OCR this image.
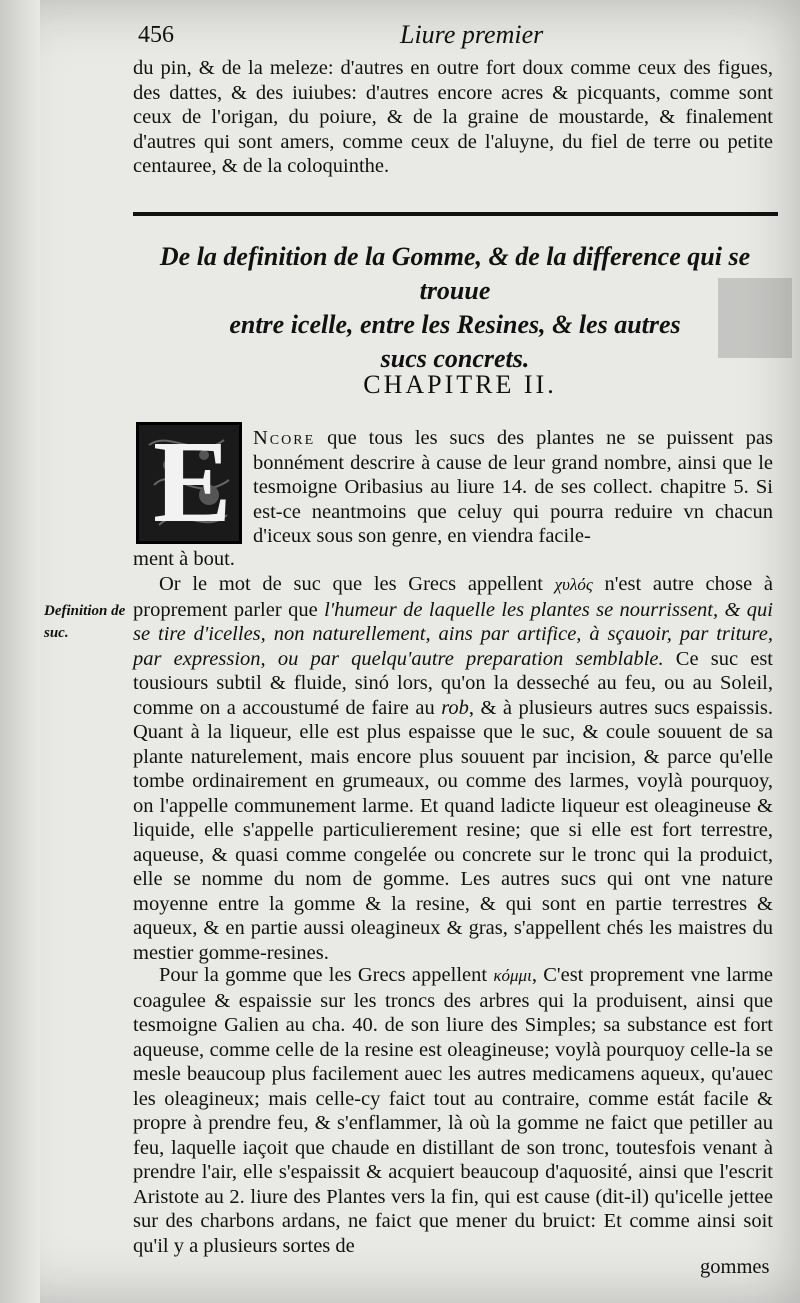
456	Liure premier
du pin, & de la meleze: d'autres en outre fort doux comme ceux des figues, des dattes, & des iuiubes: d'autres encore acres & picquants, comme sont ceux de l'origan, du poiure, & de la graine de moustarde, & finalement d'autres qui sont amers, comme ceux de l'aluyne, du fiel de terre ou petite centauree, & de la coloquinthe.
De la definition de la Gomme, & de la difference qui se trouue
entre icelle, entre les Resines, & les autres
sucs concrets.
CHAPITRE II.
E Ncore que tous les sucs des plantes ne se puissent pas bonnément descrire à cause de leur grand nombre, ainsi que le tesmoigne Oribasius au liure 14. de ses collect. chapitre 5. Si est-ce neantmoins que celuy qui pourra reduire vn chacun d'iceux sous son genre, en viendra facile-
ment à bout.
Definition de suc.
Or le mot de suc que les Grecs appellent χυλός n'est autre chose à proprement parler que l'humeur de laquelle les plantes se nourrissent, & qui se tire d'icelles, non naturellement, ains par artifice, à sçauoir, par triture, par expression, ou par quelqu'autre preparation semblable. Ce suc est tousiours subtil & fluide, sinó lors, qu'on la desseché au feu, ou au Soleil, comme on a accoustumé de faire au rob, & à plusieurs autres sucs espaissis. Quant à la liqueur, elle est plus espaisse que le suc, & coule souuent de sa plante naturelement, mais encore plus souuent par incision, & parce qu'elle tombe ordinairement en grumeaux, ou comme des larmes, voylà pourquoy, on l'appelle communement larme. Et quand ladicte liqueur est oleagineuse & liquide, elle s'appelle particulierement resine; que si elle est fort terrestre, aqueuse, & quasi comme congelée ou concrete sur le tronc qui la produict, elle se nomme du nom de gomme. Les autres sucs qui ont vne nature moyenne entre la gomme & la resine, & qui sont en partie terrestres & aqueux, & en partie aussi oleagineux & gras, s'appellent chés les maistres du mestier gomme-resines.
Pour la gomme que les Grecs appellent κόμμι, C'est proprement vne larme coagulee & espaissie sur les troncs des arbres qui la produisent, ainsi que tesmoigne Galien au cha. 40. de son liure des Simples; sa substance est fort aqueuse, comme celle de la resine est oleagineuse; voylà pourquoy celle-la se mesle beaucoup plus facilement auec les autres medicamens aqueux, qu'auec les oleagineux; mais celle-cy faict tout au contraire, comme estát facile & propre à prendre feu, & s'enflammer, là où la gomme ne faict que petiller au feu, laquelle iaçoit que chaude en distillant de son tronc, toutesfois venant à prendre l'air, elle s'espaissit & acquiert beaucoup d'aquosité, ainsi que l'escrit Aristote au 2. liure des Plantes vers la fin, qui est cause (dit-il) qu'icelle jettee sur des charbons ardans, ne faict que mener du bruict: Et comme ainsi soit qu'il y a plusieurs sortes de
gommes
